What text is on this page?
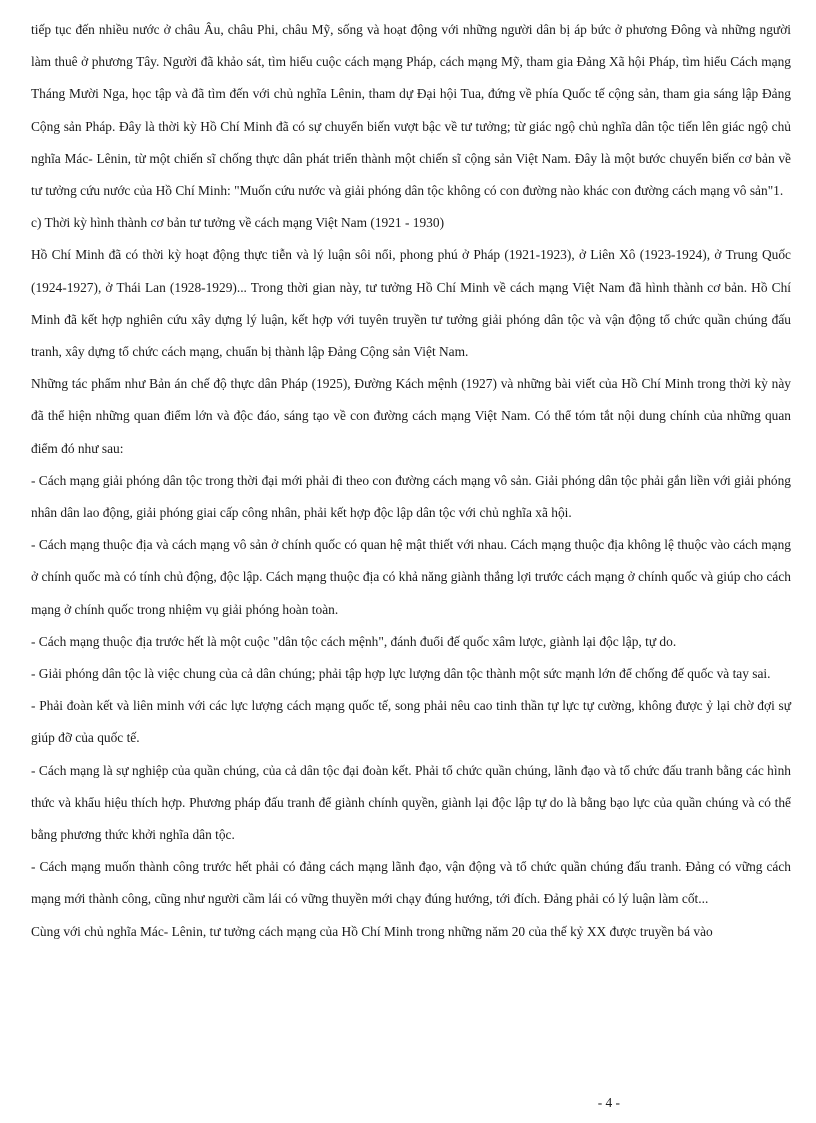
tiếp tục đến nhiều nước ở châu Âu, châu Phi, châu Mỹ, sống và hoạt động với những người dân bị áp bức ở phương Đông và những người làm thuê ở phương Tây. Người đã khảo sát, tìm hiểu cuộc cách mạng Pháp, cách mạng Mỹ, tham gia Đảng Xã hội Pháp, tìm hiểu Cách mạng Tháng Mười Nga, học tập và đã tìm đến với chủ nghĩa Lênin, tham dự Đại hội Tua, đứng về phía Quốc tế cộng sản, tham gia sáng lập Đảng Cộng sản Pháp. Đây là thời kỳ Hồ Chí Minh đã có sự chuyển biến vượt bậc về tư tưởng; từ giác ngộ chủ nghĩa dân tộc tiến lên giác ngộ chủ nghĩa Mác- Lênin, từ một chiến sĩ chống thực dân phát triển thành một chiến sĩ cộng sản Việt Nam. Đây là một bước chuyển biến cơ bản về tư tưởng cứu nước của Hồ Chí Minh: "Muốn cứu nước và giải phóng dân tộc không có con đường nào khác con đường cách mạng vô sản"1.

c) Thời kỳ hình thành cơ bản tư tưởng về cách mạng Việt Nam (1921 - 1930)

Hồ Chí Minh đã có thời kỳ hoạt động thực tiễn và lý luận sôi nổi, phong phú ở Pháp (1921-1923), ở Liên Xô (1923-1924), ở Trung Quốc (1924-1927), ở Thái Lan (1928-1929)... Trong thời gian này, tư tưởng Hồ Chí Minh về cách mạng Việt Nam đã hình thành cơ bản. Hồ Chí Minh đã kết hợp nghiên cứu xây dựng lý luận, kết hợp với tuyên truyền tư tưởng giải phóng dân tộc và vận động tổ chức quần chúng đấu tranh, xây dựng tổ chức cách mạng, chuẩn bị thành lập Đảng Cộng sản Việt Nam.

Những tác phẩm như Bản án chế độ thực dân Pháp (1925), Đường Kách mệnh (1927) và những bài viết của Hồ Chí Minh trong thời kỳ này đã thể hiện những quan điểm lớn và độc đáo, sáng tạo về con đường cách mạng Việt Nam. Có thể tóm tắt nội dung chính của những quan điểm đó như sau:

- Cách mạng giải phóng dân tộc trong thời đại mới phải đi theo con đường cách mạng vô sản. Giải phóng dân tộc phải gắn liền với giải phóng nhân dân lao động, giải phóng giai cấp công nhân, phải kết hợp độc lập dân tộc với chủ nghĩa xã hội.

- Cách mạng thuộc địa và cách mạng vô sản ở chính quốc có quan hệ mật thiết với nhau. Cách mạng thuộc địa không lệ thuộc vào cách mạng ở chính quốc mà có tính chủ động, độc lập. Cách mạng thuộc địa có khả năng giành thắng lợi trước cách mạng ở chính quốc và giúp cho cách mạng ở chính quốc trong nhiệm vụ giải phóng hoàn toàn.

- Cách mạng thuộc địa trước hết là một cuộc "dân tộc cách mệnh", đánh đuổi đế quốc xâm lược, giành lại độc lập, tự do.

- Giải phóng dân tộc là việc chung của cả dân chúng; phải tập hợp lực lượng dân tộc thành một sức mạnh lớn để chống đế quốc và tay sai.

- Phải đoàn kết và liên minh với các lực lượng cách mạng quốc tế, song phải nêu cao tinh thần tự lực tự cường, không được ỷ lại chờ đợi sự giúp đỡ của quốc tế.

- Cách mạng là sự nghiệp của quần chúng, của cả dân tộc đại đoàn kết. Phải tổ chức quần chúng, lãnh đạo và tổ chức đấu tranh bằng các hình thức và khẩu hiệu thích hợp. Phương pháp đấu tranh để giành chính quyền, giành lại độc lập tự do là bằng bạo lực của quần chúng và có thể bằng phương thức khởi nghĩa dân tộc.

- Cách mạng muốn thành công trước hết phải có đảng cách mạng lãnh đạo, vận động và tổ chức quần chúng đấu tranh. Đảng có vững cách mạng mới thành công, cũng như người cầm lái có vững thuyền mới chạy đúng hướng, tới đích. Đảng phải có lý luận làm cốt...

Cùng với chủ nghĩa Mác- Lênin, tư tưởng cách mạng của Hồ Chí Minh trong những năm 20 của thế kỷ XX được truyền bá vào

- 4 -
